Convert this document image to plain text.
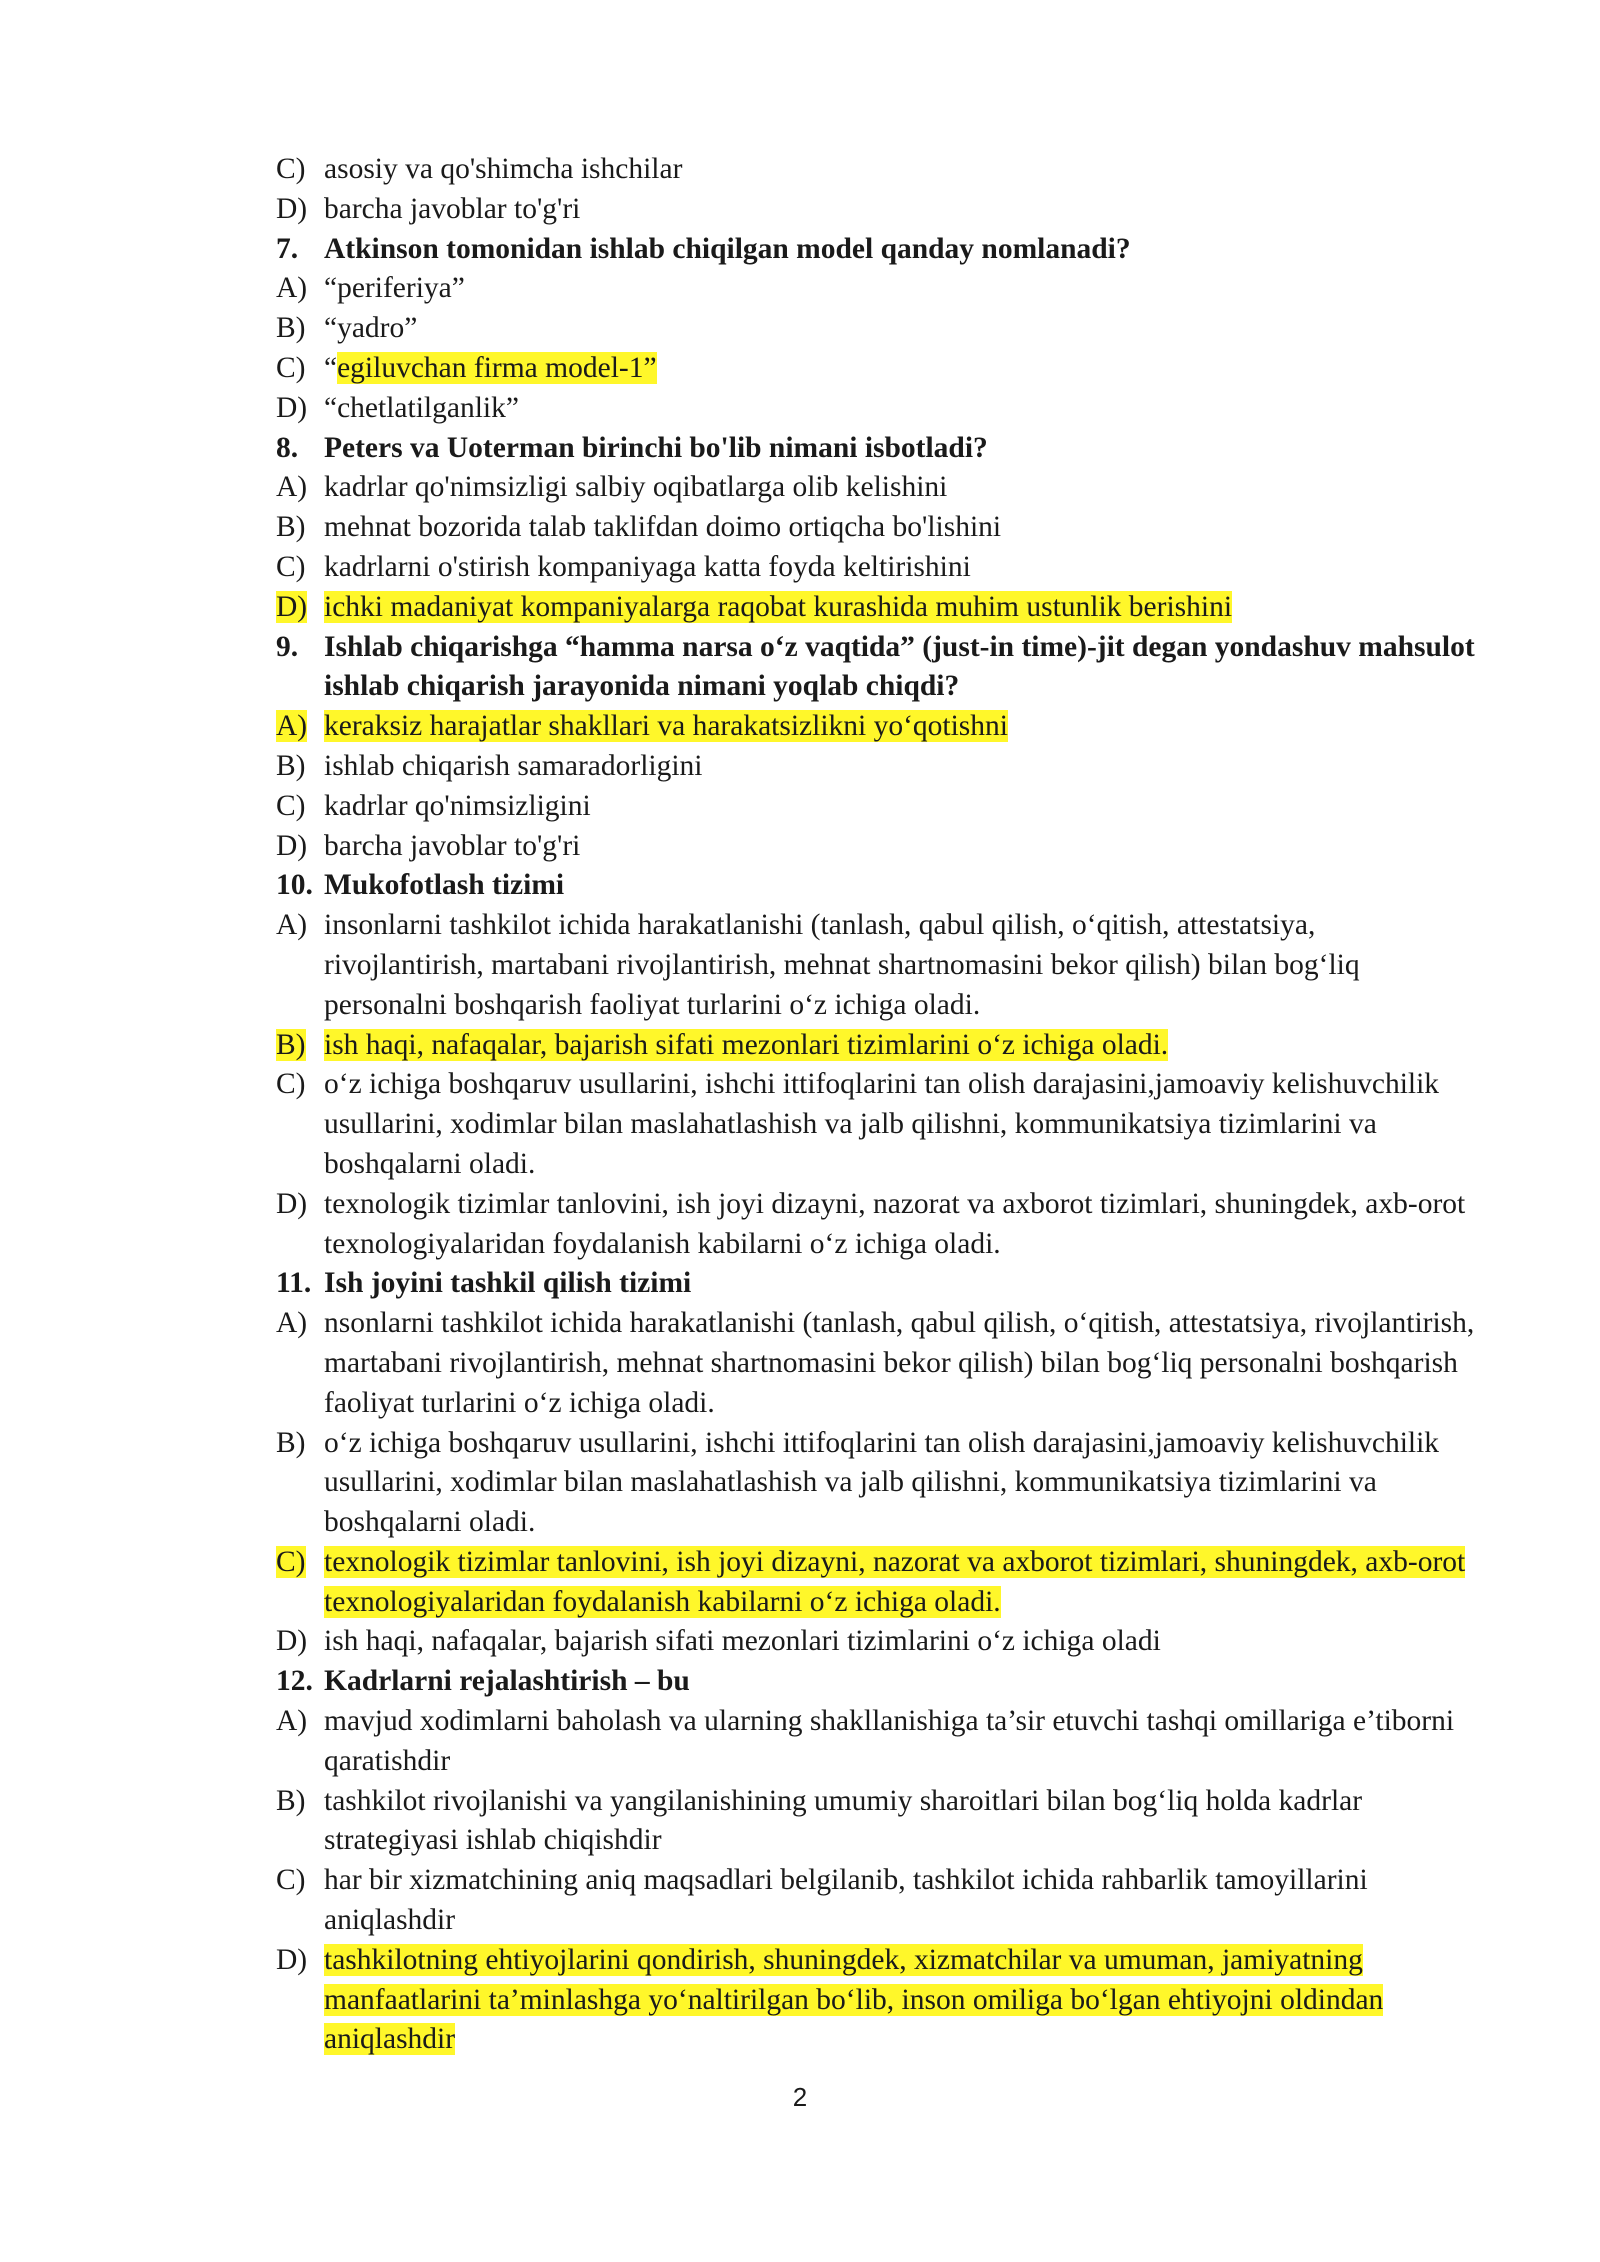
C) asosiy va qo'shimcha ishchilar
D) barcha javoblar to'g'ri
7. Atkinson tomonidan ishlab chiqilgan model qanday nomlanadi?
A) “periferiya”
B) “yadro”
C) “egiluvchan firma model-1”
D) “chetlatilganlik”
8. Peters va Uoterman birinchi bo'lib nimani isbotladi?
A) kadrlar qo'nimsizligi salbiy oqibatlarga olib kelishini
B) mehnat bozorida talab taklifdan doimo ortiqcha bo'lishini
C) kadrlarni o'stirish kompaniyaga katta foyda keltirishini
D) ichki madaniyat kompaniyalarga raqobat kurashida muhim ustunlik berishini
9. Ishlab chiqarishga “hamma narsa o‘z vaqtida” (just-in time)-jit degan yondashuv mahsulot ishlab chiqarish jarayonida nimani yoqlab chiqdi?
A) keraksiz harajatlar shakllari va harakatsizlikni yo‘qotishni
B) ishlab chiqarish samaradorligini
C) kadrlar qo'nimsizligini
D) barcha javoblar to'g'ri
10. Mukofotlash tizimi
A) insonlarni tashkilot ichida harakatlanishi (tanlash, qabul qilish, o‘qitish, attestatsiya, rivojlantirish, martabani rivojlantirish, mehnat shartnomasini bekor qilish) bilan bog‘liq personalni boshqarish faoliyat turlarini o‘z ichiga oladi.
B) ish haqi, nafaqalar, bajarish sifati mezonlari tizimlarini o‘z ichiga oladi.
C) o‘z ichiga boshqaruv usullarini, ishchi ittifoqlarini tan olish darajasini,jamoaviy kelishuvchilik usullarini, xodimlar bilan maslahatlashish va jalb qilishni, kommunikatsiya tizimlarini va boshqalarni oladi.
D) texnologik tizimlar tanlovini, ish joyi dizayni, nazorat va axborot tizimlari, shuningdek, axb-orot texnologiyalaridan foydalanish kabilarni o‘z ichiga oladi.
11. Ish joyini tashkil qilish tizimi
A) nsonlarni tashkilot ichida harakatlanishi (tanlash, qabul qilish, o‘qitish, attestatsiya, rivojlantirish, martabani rivojlantirish, mehnat shartnomasini bekor qilish) bilan bog‘liq personalni boshqarish faoliyat turlarini o‘z ichiga oladi.
B) o‘z ichiga boshqaruv usullarini, ishchi ittifoqlarini tan olish darajasini,jamoaviy kelishuvchilik usullarini, xodimlar bilan maslahatlashish va jalb qilishni, kommunikatsiya tizimlarini va boshqalarni oladi.
C) texnologik tizimlar tanlovini, ish joyi dizayni, nazorat va axborot tizimlari, shuningdek, axb-orot texnologiyalaridan foydalanish kabilarni o‘z ichiga oladi.
D) ish haqi, nafaqalar, bajarish sifati mezonlari tizimlarini o‘z ichiga oladi
12. Kadrlarni rejalashtirish – bu
A) mavjud xodimlarni baholash va ularning shakllanishiga ta’sir etuvchi tashqi omillariga e’tiborni qaratishdir
B) tashkilot rivojlanishi va yangilanishining umumiy sharoitlari bilan bog‘liq holda kadrlar strategiyasi ishlab chiqishdir
C) har bir xizmatchining aniq maqsadlari belgilanib, tashkilot ichida rahbarlik tamoyillarini aniqlashdir
D) tashkilotning ehtiyojlarini qondirish, shuningdek, xizmatchilar va umuman, jamiyatning manfaatlarini ta’minlashga yo‘naltirilgan bo‘lib, inson omiliga bo‘lgan ehtiyojni oldindan aniqlashdir
2
